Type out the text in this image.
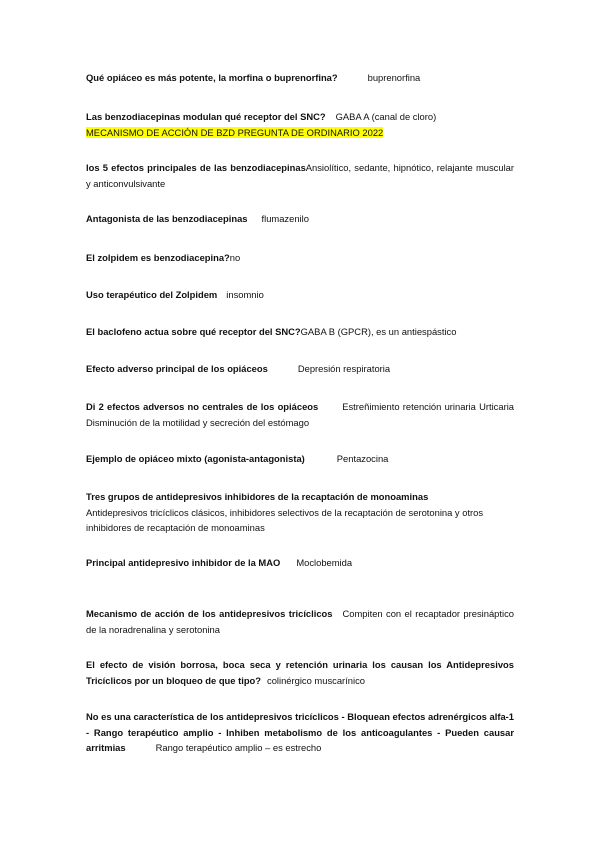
Qué opiáceo es más potente, la morfina o buprenorfina?	buprenorfina
Las benzodiacepinas modulan qué receptor del SNC? GABA A (canal de cloro)
MECANISMO DE ACCIÓN DE BZD PREGUNTA DE ORDINARIO 2022
los 5 efectos principales de las benzodiacepinasAnsiolítico, sedante, hipnótico, relajante muscular y anticonvulsivante
Antagonista de las benzodiacepinas flumazenilo
El zolpidem es benzodiacepina?no
Uso terapéutico del Zolpidem insomnio
El baclofeno actua sobre qué receptor del SNC?GABA B (GPCR), es un antiespástico
Efecto adverso principal de los opiáceos	Depresión respiratoria
Di 2 efectos adversos no centrales de los opiáceos	Estreñimiento retención urinaria Urticaria Disminución de la motilidad y secreción del estómago
Ejemplo de opiáceo mixto (agonista-antagonista)	Pentazocina
Tres grupos de antidepresivos inhibidores de la recaptación de monoaminas
Antidepresivos tricíclicos clásicos, inhibidores selectivos de la recaptación de serotonina y otros inhibidores de recaptación de monoaminas
Principal antidepresivo inhibidor de la MAO Moclobemida
Mecanismo de acción de los antidepresivos tricíclicos Compiten con el recaptador presináptico de la noradrenalina y serotonina
El efecto de visión borrosa, boca seca y retención urinaria los causan los Antidepresivos Tricíclicos por un bloqueo de que tipo? colinérgico muscarínico
No es una característica de los antidepresivos tricíclicos - Bloquean efectos adrenérgicos alfa-1 - Rango terapéutico amplio - Inhiben metabolismo de los anticoagulantes - Pueden causar arritmias	Rango terapéutico amplio – es estrecho
